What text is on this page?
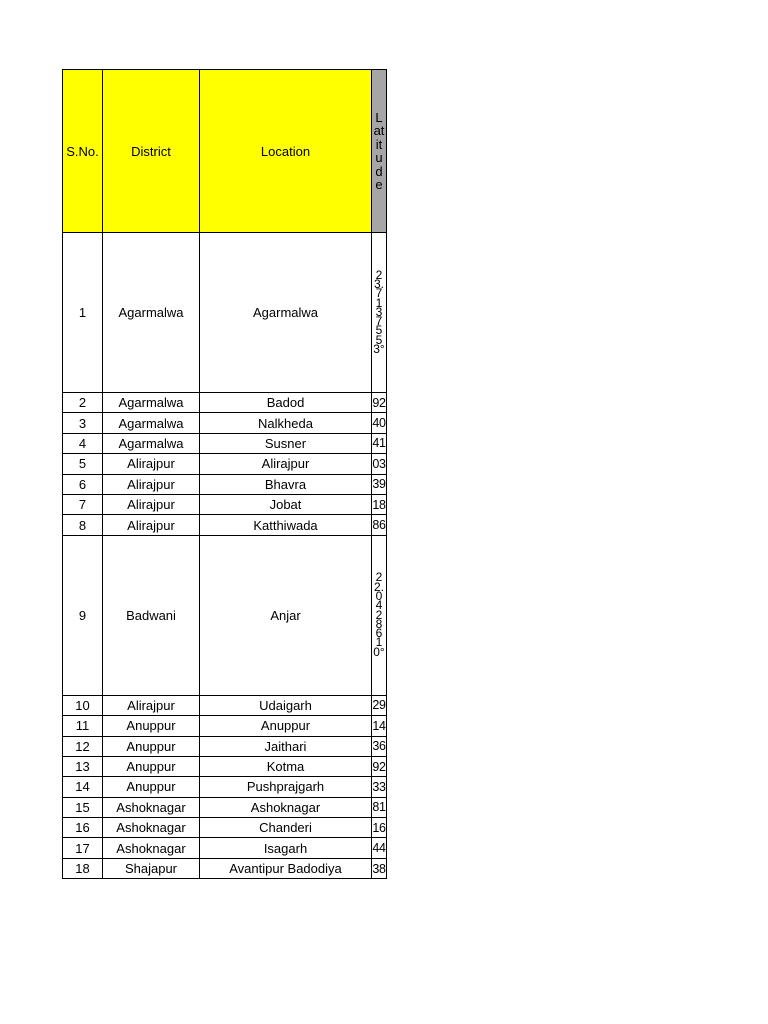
S.No.	District	Location	Latitude

1	Agarmalwa	Agarmalwa	23.7137553°

2	Agarmalwa	Badod	92
3	Agarmalwa	Nalkheda	40
4	Agarmalwa	Susner	41
5	Alirajpur	Alirajpur	03
6	Alirajpur	Bhavra	39
7	Alirajpur	Jobat	18
8	Alirajpur	Katthiwada	86
9	Badwani	Anjar	22.0428610°

10	Alirajpur	Udaigarh	29
11	Anuppur	Anuppur	14
12	Anuppur	Jaithari	36
13	Anuppur	Kotma	92
14	Anuppur	Pushprajgarh	33
15	Ashoknagar	Ashoknagar	81
16	Ashoknagar	Chanderi	16
17	Ashoknagar	Isagarh	44
18	Shajapur	Avantipur Badodiya	38
